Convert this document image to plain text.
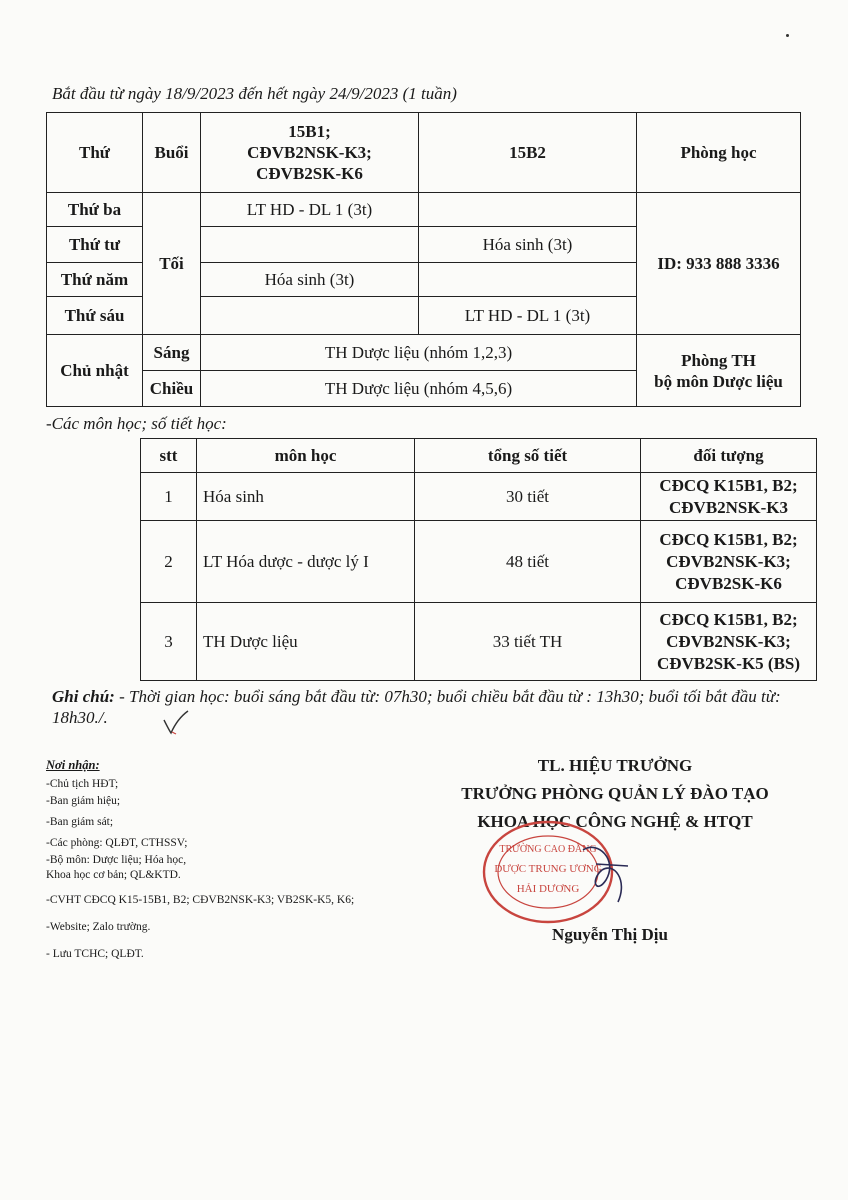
Bắt đầu từ ngày 18/9/2023 đến hết ngày 24/9/2023 (1 tuần)
Thứ	Buổi	15B1;
CĐVB2NSK-K3;
CĐVB2SK-K6	15B2	Phòng học
Thứ ba	Tối	LT HD - DL 1 (3t)		ID: 933 888 3336
Thứ tư			Hóa sinh (3t)	
Thứ năm		Hóa sinh (3t)		
Thứ sáu			LT HD - DL 1 (3t)	
Chủ nhật	Sáng	TH Dược liệu (nhóm 1,2,3)		Phòng TH
bộ môn Dược liệu

	Chiều	TH Dược liệu (nhóm 4,5,6)		
-Các môn học; số tiết học:
stt	môn học	tổng số tiết	đối tượng
1	Hóa sinh	30 tiết	CĐCQ K15B1, B2;
CĐVB2NSK-K3

2	LT Hóa dược - dược lý I	48 tiết	CĐCQ K15B1, B2;
CĐVB2NSK-K3;
CĐVB2SK-K6

3	TH Dược liệu	33 tiết TH	CĐCQ K15B1, B2;
CĐVB2NSK-K3;
CĐVB2SK-K5 (BS)
Ghi chú: - Thời gian học: buổi sáng bắt đầu từ: 07h30; buổi chiều bắt đầu từ : 13h30; buổi tối bắt đầu từ: 18h30./.
Nơi nhận:
-Chủ tịch HĐT;
-Ban giám hiệu;
-Ban giám sát;
-Các phòng: QLĐT, CTHSSV;
-Bộ môn: Dược liệu; Hóa học,
Khoa học cơ bản; QL&KTD.
-CVHT CĐCQ K15-15B1, B2; CĐVB2NSK-K3; VB2SK-K5, K6;
-Website; Zalo trường.
- Lưu TCHC; QLĐT.
TL. HIỆU TRƯỞNG
TRƯỞNG PHÒNG QUẢN LÝ ĐÀO TẠO
KHOA HỌC CÔNG NGHỆ & HTQT
TRƯỜNG CAO ĐẲNG
DƯỢC TRUNG ƯƠNG
HẢI DƯƠNG
Nguyễn Thị Dịu
